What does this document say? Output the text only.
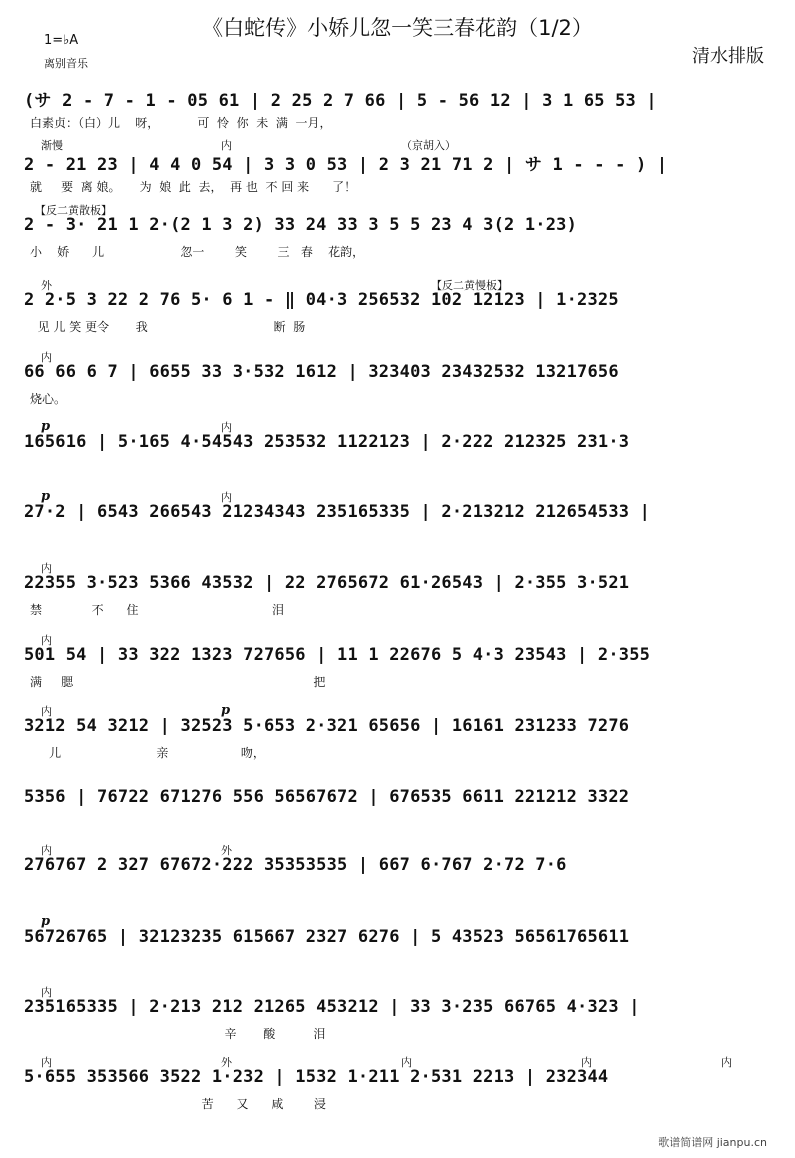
《白蛇传》小娇儿忽一笑三春花韵（1/2）
1=♭A
离别音乐	清水排版
(サ 2 - 7 - 1 - 05 61 | 2 25 2 7 66 | 5 - 56 12 | 3 1 65 53 |
白素贞：（白）儿    呀，          可  怜  你  未  满  一月，
2 - 21 23 | 4 4 0 54 | 3 3 0 53 | 2 3 21 71 2 | サ 1 - - - ) |
就     要  离 娘。     为  娘  此  去，  再 也  不 回 来      了！
渐慢	内	（京胡入）
2 - 3· 21 1 2·(2 1 3 2) 33 24 33 3 5 5 23 4 3(2 1·23)
小    娇      儿                    忽一        笑        三   春    花韵，
【反二黄散板】
2 2·5 3 22 2 76 5· 6 1 - ‖ 04·3 256532 102 12123 | 1·2325
见 儿 笑 更令       我                                 断  肠
外	【反二黄慢板】
66 66 6 7 | 6655 33 3·532 1612 | 323403 23432532 13217656
烧心。
内
165616 | 5·165 4·54543 253532 1122123 | 2·222 212325 231·3
p	内
27·2 | 6543 266543 21234343 235165335 | 2·213212 212654533 |
p	内
22355 3·523 5366 43532 | 22 2765672 61·26543 | 2·355 3·521
禁             不      住                                   泪
内
501 54 | 33 322 1323 727656 | 11 1 22676 5 4·3 23543 | 2·355
满     腮                                                               把
内
3212 54 3212 | 32523 5·653 2·321 65656 | 16161 231233 7276
儿                         亲                   吻，
内	p
5356 | 76722 671276 556 56567672 | 676535 6611 221212 3322
276767 2 327 67672·222 35353535 | 667 6·767 2·72 7·6
内	外
56726765 | 32123235 615667 2327 6276 | 5 43523 56561765611
p
235165335 | 2·213 212 21265 453212 | 33 3·235 66765 4·323 |
辛       酸          泪
内
5·655 353566 3522 1·232 | 1532 1·211 2·531 2213 | 232344
苦      又      咸        浸
内	外	内	内	内
歌谱简谱网 jianpu.cn
